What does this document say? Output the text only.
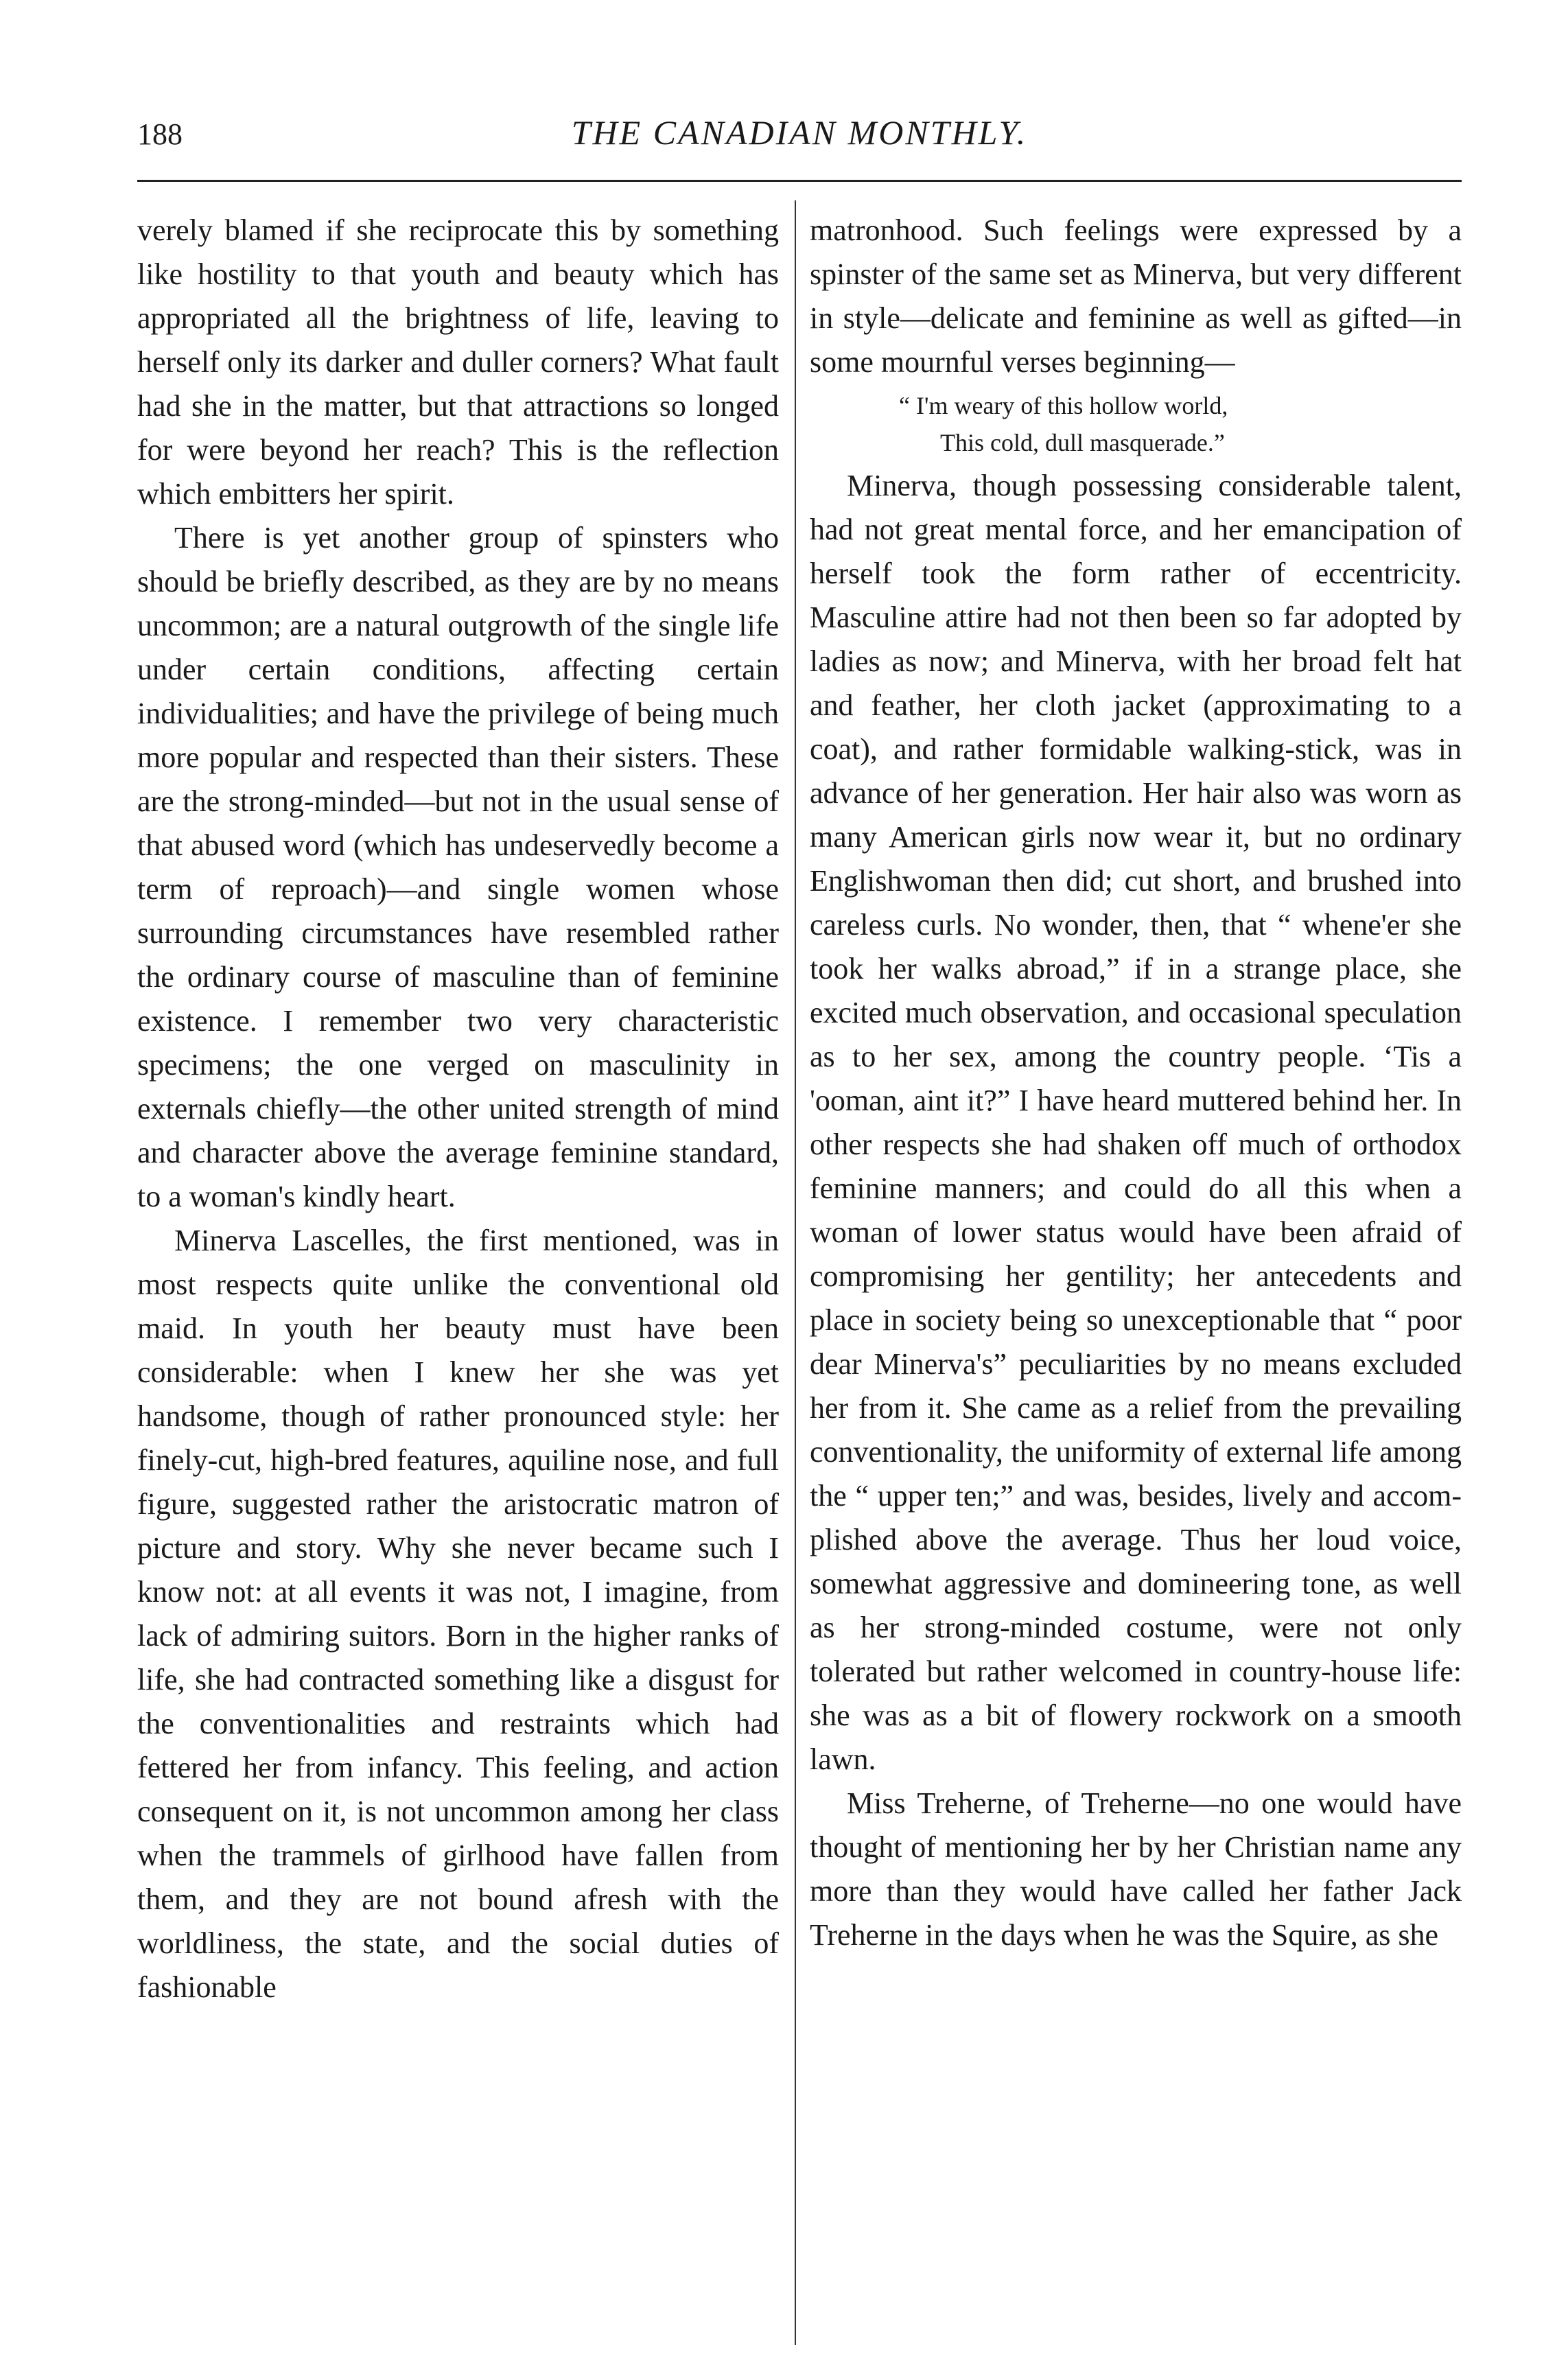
188	THE CANADIAN MONTHLY.

verely blamed if she reciprocate this by something like hostility to that youth and beauty which has appropriated all the brightness of life, leaving to herself only its darker and duller corners? What fault had she in the matter, but that attractions so longed for were beyond her reach? This is the reflection which embitters her spirit.

There is yet another group of spinsters who should be briefly described, as they are by no means uncommon; are a natural outgrowth of the single life under certain conditions, affecting certain individualities; and have the privilege of being much more popular and respected than their sisters. These are the strong-minded—but not in the usual sense of that abused word (which has undeservedly become a term of reproach)—and single women whose surrounding circumstances have resembled rather the ordinary course of masculine than of feminine existence. I remember two very characteristic specimens; the one verged on masculinity in externals chiefly—the other united strength of mind and character above the average feminine standard, to a woman's kindly heart.

Minerva Lascelles, the first mentioned, was in most respects quite unlike the conventional old maid. In youth her beauty must have been considerable: when I knew her she was yet handsome, though of rather pronounced style: her finely-cut, high-bred features, aquiline nose, and full figure, suggested rather the aristocratic matron of picture and story. Why she never became such I know not: at all events it was not, I imagine, from lack of admiring suitors. Born in the higher ranks of life, she had contracted something like a disgust for the conventionalities and restraints which had fettered her from infancy. This feeling, and action consequent on it, is not uncommon among her class when the trammels of girlhood have fallen from them, and they are not bound afresh with the worldliness, the state, and the social duties of fashionable

matronhood. Such feelings were expressed by a spinster of the same set as Minerva, but very different in style—delicate and feminine as well as gifted—in some mournful verses beginning—

“ I'm weary of this hollow world,
This cold, dull masquerade.”

Minerva, though possessing considerable talent, had not great mental force, and her emancipation of herself took the form rather of eccentricity. Masculine attire had not then been so far adopted by ladies as now; and Minerva, with her broad felt hat and feather, her cloth jacket (approximating to a coat), and rather formidable walking-stick, was in advance of her generation. Her hair also was worn as many American girls now wear it, but no ordinary Englishwoman then did; cut short, and brushed into careless curls. No wonder, then, that “ whene'er she took her walks abroad,” if in a strange place, she excited much observation, and occasional speculation as to her sex, among the country people. ‘Tis a 'ooman, aint it?” I have heard muttered behind her. In other respects she had shaken off much of orthodox feminine manners; and could do all this when a woman of lower status would have been afraid of compromising her gentility; her antecedents and place in society being so unexceptionable that “ poor dear Minerva's” peculiarities by no means excluded her from it. She came as a relief from the prevailing conventionality, the uniformity of external life among the “ upper ten;” and was, besides, lively and accomplished above the average. Thus her loud voice, somewhat aggressive and domineering tone, as well as her strong-minded costume, were not only tolerated but rather welcomed in country-house life: she was as a bit of flowery rockwork on a smooth lawn.

Miss Treherne, of Treherne—no one would have thought of mentioning her by her Christian name any more than they would have called her father Jack Treherne in the days when he was the Squire, as she
